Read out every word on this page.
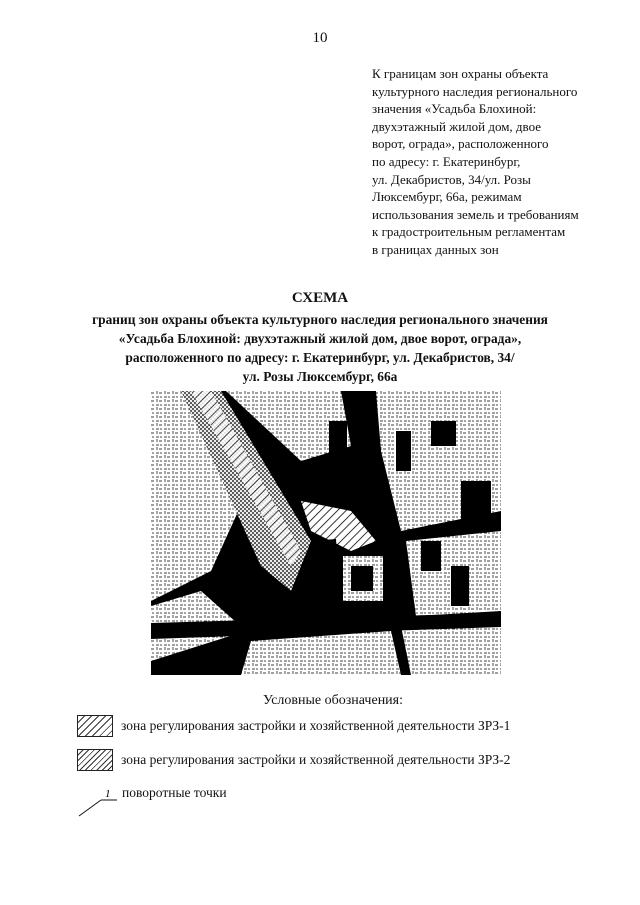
10
К границам зон охраны объекта
культурного наследия регионального
значения «Усадьба Блохиной:
двухэтажный жилой дом, двое
ворот, ограда», расположенного
по адресу: г. Екатеринбург,
ул. Декабристов, 34/ул. Розы
Люксембург, 66а, режимам
использования земель и требованиям
к градостроительным регламентам
в границах данных зон
СХЕМА
границ зон охраны объекта культурного наследия регионального значения
«Усадьба Блохиной: двухэтажный жилой дом, двое ворот, ограда»,
расположенного по адресу: г. Екатеринбург, ул. Декабристов, 34/
ул. Розы Люксембург, 66а
Условные обозначения:
зона регулирования застройки и хозяйственной деятельности ЗРЗ-1
зона регулирования застройки и хозяйственной деятельности ЗРЗ-2
1 поворотные точки
